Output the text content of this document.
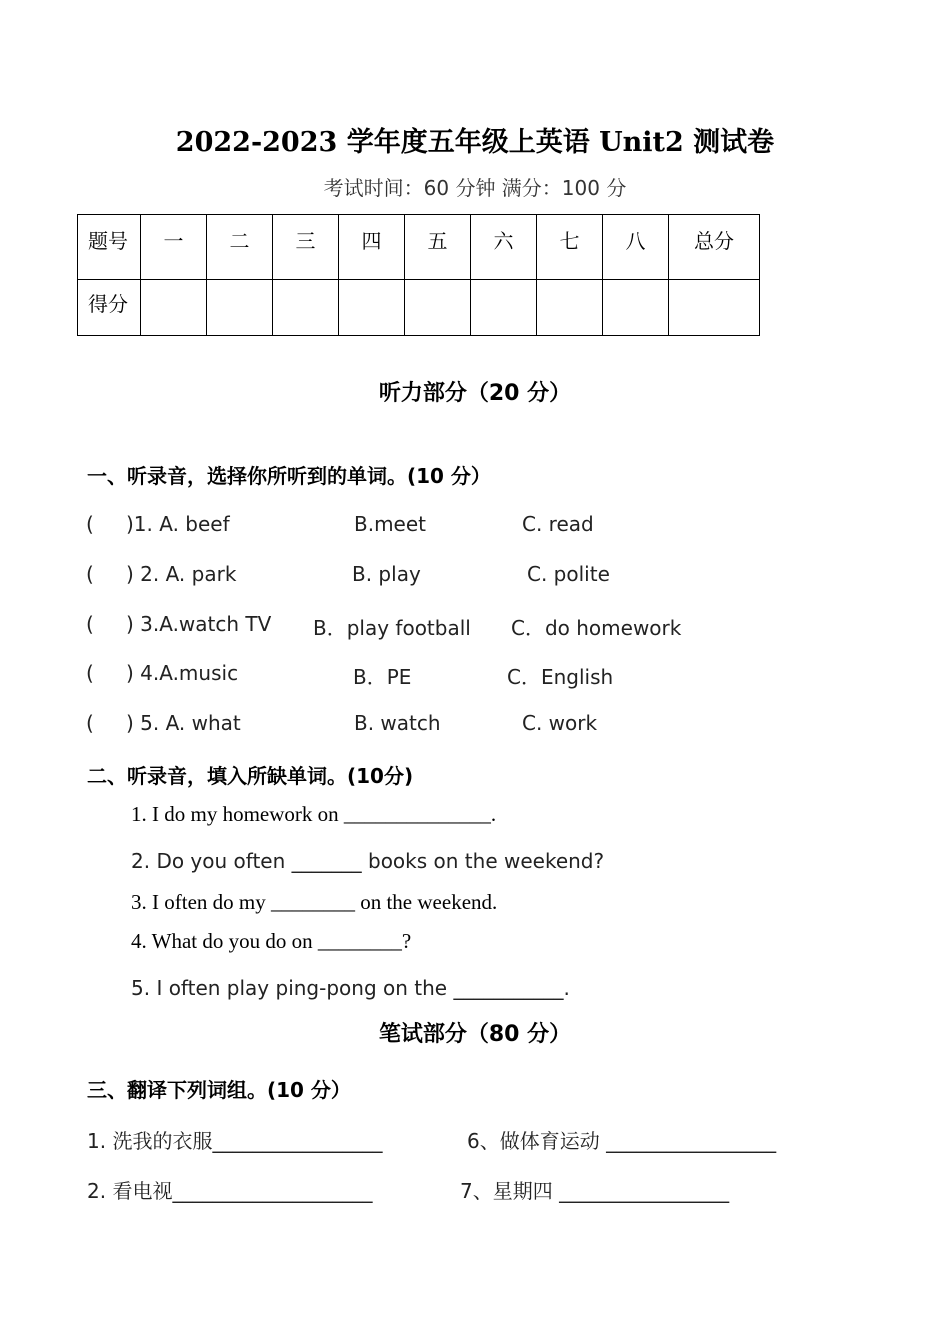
2022-2023 学年度五年级上英语 Unit2 测试卷
考试时间：60 分钟 满分：100 分
题号	一	二	三	四	五	六	七	八	总分
得分									
听力部分（20 分）
一、听录音，选择你所听到的单词。(10 分）
( )1. A. beef	B.meet	C. read
( ) 2. A. park	B. play	C. polite
( ) 3.A.watch TV B．play football C．do homework
( ) 4.A.music	B．PE	C．English
( ) 5. A. what	B. watch	C. work
二、听录音，填入所缺单词。(10分)
1. I do my homework on ______________.
2. Do you often _______ books on the weekend?
3. I often do my ________ on the weekend.
4. What do you do on ________?
5. I often play ping-pong on the ___________.
笔试部分（80 分）
三、翻译下列词组。(10 分）
1. 洗我的衣服_________________	6、做体育运动 _________________
2. 看电视____________________	7、星期四 _________________
